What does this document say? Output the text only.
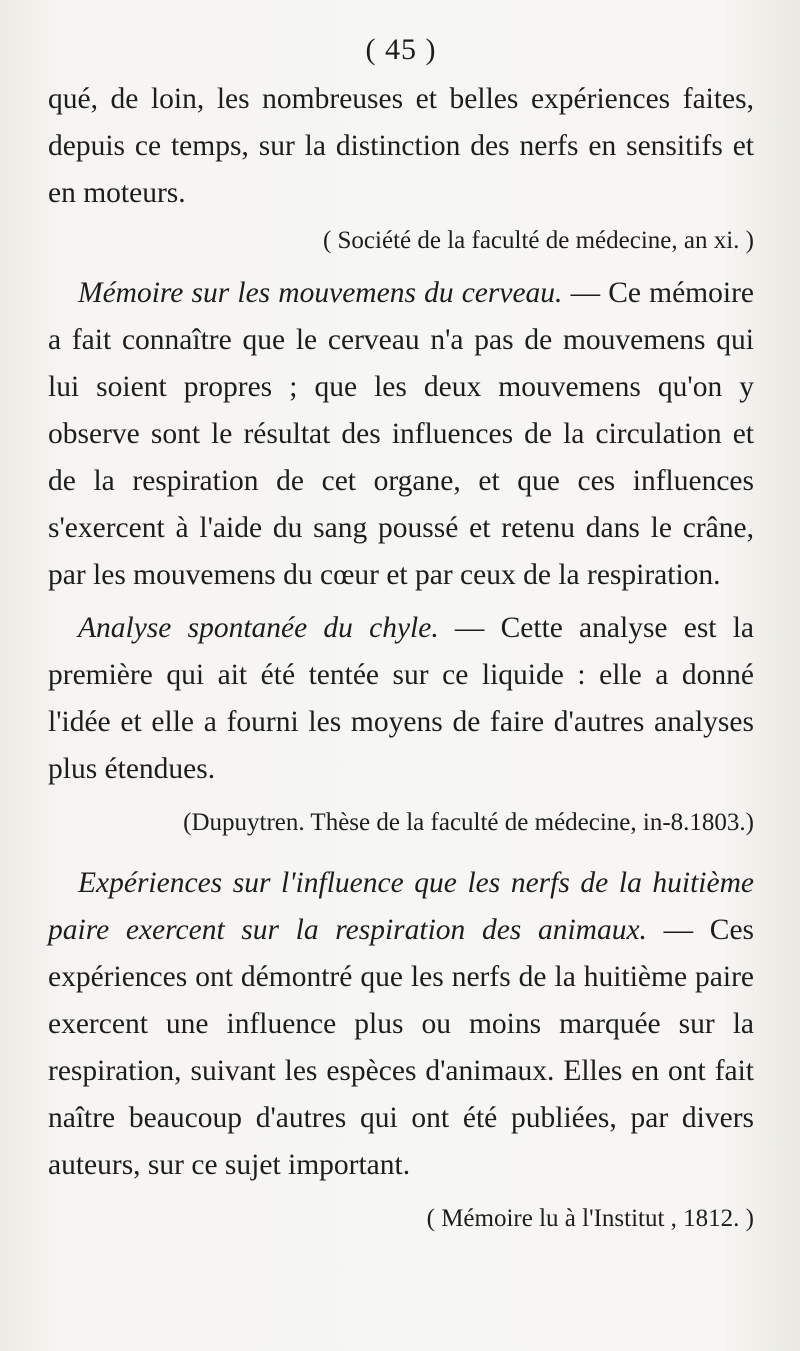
( 45 )

qué, de loin, les nombreuses et belles expériences faites, depuis ce temps, sur la distinction des nerfs en sensitifs et en moteurs.

( Société de la faculté de médecine, an xi. )

Mémoire sur les mouvemens du cerveau. — Ce mémoire a fait connaître que le cerveau n'a pas de mouvemens qui lui soient propres ; que les deux mouvemens qu'on y observe sont le résultat des influences de la circulation et de la respiration de cet organe, et que ces influences s'exercent à l'aide du sang poussé et retenu dans le crâne, par les mouvemens du cœur et par ceux de la respiration.

Analyse spontanée du chyle. — Cette analyse est la première qui ait été tentée sur ce liquide : elle a donné l'idée et elle a fourni les moyens de faire d'autres analyses plus étendues.

(Dupuytren. Thèse de la faculté de médecine, in-8.1803.)

Expériences sur l'influence que les nerfs de la huitième paire exercent sur la respiration des animaux. — Ces expériences ont démontré que les nerfs de la huitième paire exercent une influence plus ou moins marquée sur la respiration, suivant les espèces d'animaux. Elles en ont fait naître beaucoup d'autres qui ont été publiées, par divers auteurs, sur ce sujet important.

( Mémoire lu à l'Institut , 1812. )
